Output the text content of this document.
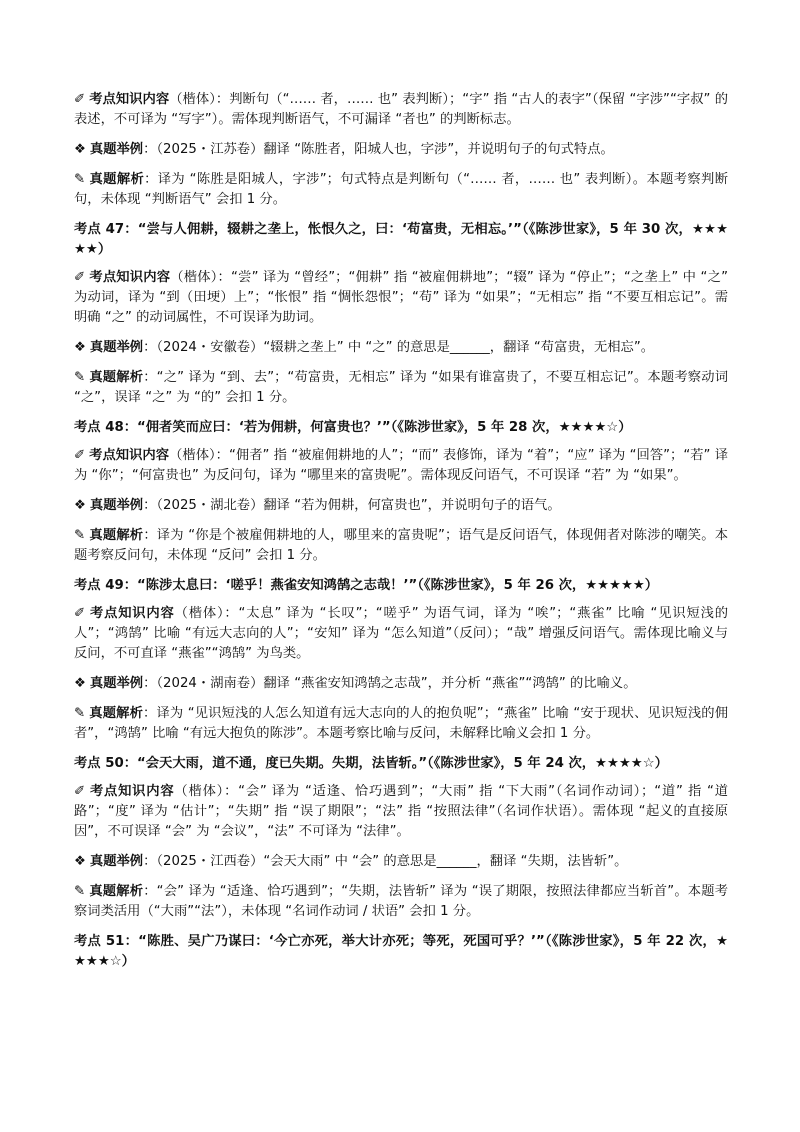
✐ 考点知识内容（楷体）：判断句（“…… 者，…… 也” 表判断）；“字” 指 “古人的表字”（保留 “字涉”“字叔” 的表述，不可译为 “写字”）。需体现判断语气，不可漏译 “者也” 的判断标志。

❖ 真题举例：（2025・江苏卷）翻译 “陈胜者，阳城人也，字涉”，并说明句子的句式特点。

✎ 真题解析：译为 “陈胜是阳城人，字涉”；句式特点是判断句（“…… 者，…… 也” 表判断）。本题考察判断句，未体现 “判断语气” 会扣 1 分。

考点 47：“尝与人佣耕，辍耕之垄上，怅恨久之，曰：‘苟富贵，无相忘。’”（《陈涉世家》，5 年 30 次，★★★★★）

✐ 考点知识内容（楷体）：“尝” 译为 “曾经”；“佣耕” 指 “被雇佣耕地”；“辍” 译为 “停止”；“之垄上” 中 “之” 为动词，译为 “到（田埂）上”；“怅恨” 指 “惆怅怨恨”；“苟” 译为 “如果”；“无相忘” 指 “不要互相忘记”。需明确 “之” 的动词属性，不可误译为助词。

❖ 真题举例：（2024・安徽卷）“辍耕之垄上” 中 “之” 的意思是______，翻译 “苟富贵，无相忘”。

✎ 真题解析：“之” 译为 “到、去”；“苟富贵，无相忘” 译为 “如果有谁富贵了，不要互相忘记”。本题考察动词 “之”，误译 “之” 为 “的” 会扣 1 分。

考点 48：“佣者笑而应曰：‘若为佣耕，何富贵也？’”（《陈涉世家》，5 年 28 次，★★★★☆）

✐ 考点知识内容（楷体）：“佣者” 指 “被雇佣耕地的人”；“而” 表修饰，译为 “着”；“应” 译为 “回答”；“若” 译为 “你”；“何富贵也” 为反问句，译为 “哪里来的富贵呢”。需体现反问语气，不可误译 “若” 为 “如果”。

❖ 真题举例：（2025・湖北卷）翻译 “若为佣耕，何富贵也”，并说明句子的语气。

✎ 真题解析：译为 “你是个被雇佣耕地的人，哪里来的富贵呢”；语气是反问语气，体现佣者对陈涉的嘲笑。本题考察反问句，未体现 “反问” 会扣 1 分。

考点 49：“陈涉太息曰：‘嗟乎！燕雀安知鸿鹄之志哉！’”（《陈涉世家》，5 年 26 次，★★★★★）

✐ 考点知识内容（楷体）：“太息” 译为 “长叹”；“嗟乎” 为语气词，译为 “唉”；“燕雀” 比喻 “见识短浅的人”；“鸿鹄” 比喻 “有远大志向的人”；“安知” 译为 “怎么知道”（反问）；“哉” 增强反问语气。需体现比喻义与反问，不可直译 “燕雀”“鸿鹄” 为鸟类。

❖ 真题举例：（2024・湖南卷）翻译 “燕雀安知鸿鹄之志哉”，并分析 “燕雀”“鸿鹄” 的比喻义。

✎ 真题解析：译为 “见识短浅的人怎么知道有远大志向的人的抱负呢”；“燕雀” 比喻 “安于现状、见识短浅的佣者”，“鸿鹄” 比喻 “有远大抱负的陈涉”。本题考察比喻与反问，未解释比喻义会扣 1 分。

考点 50：“会天大雨，道不通，度已失期。失期，法皆斩。”（《陈涉世家》，5 年 24 次，★★★★☆）

✐ 考点知识内容（楷体）：“会” 译为 “适逢、恰巧遇到”；“大雨” 指 “下大雨”（名词作动词）；“道” 指 “道路”；“度” 译为 “估计”；“失期” 指 “误了期限”；“法” 指 “按照法律”（名词作状语）。需体现 “起义的直接原因”，不可误译 “会” 为 “会议”，“法” 不可译为 “法律”。

❖ 真题举例：（2025・江西卷）“会天大雨” 中 “会” 的意思是______，翻译 “失期，法皆斩”。

✎ 真题解析：“会” 译为 “适逢、恰巧遇到”；“失期，法皆斩” 译为 “误了期限，按照法律都应当斩首”。本题考察词类活用（“大雨”“法”），未体现 “名词作动词 / 状语” 会扣 1 分。

考点 51：“陈胜、吴广乃谋曰：‘今亡亦死，举大计亦死；等死，死国可乎？’”（《陈涉世家》，5 年 22 次，★★★★☆）
